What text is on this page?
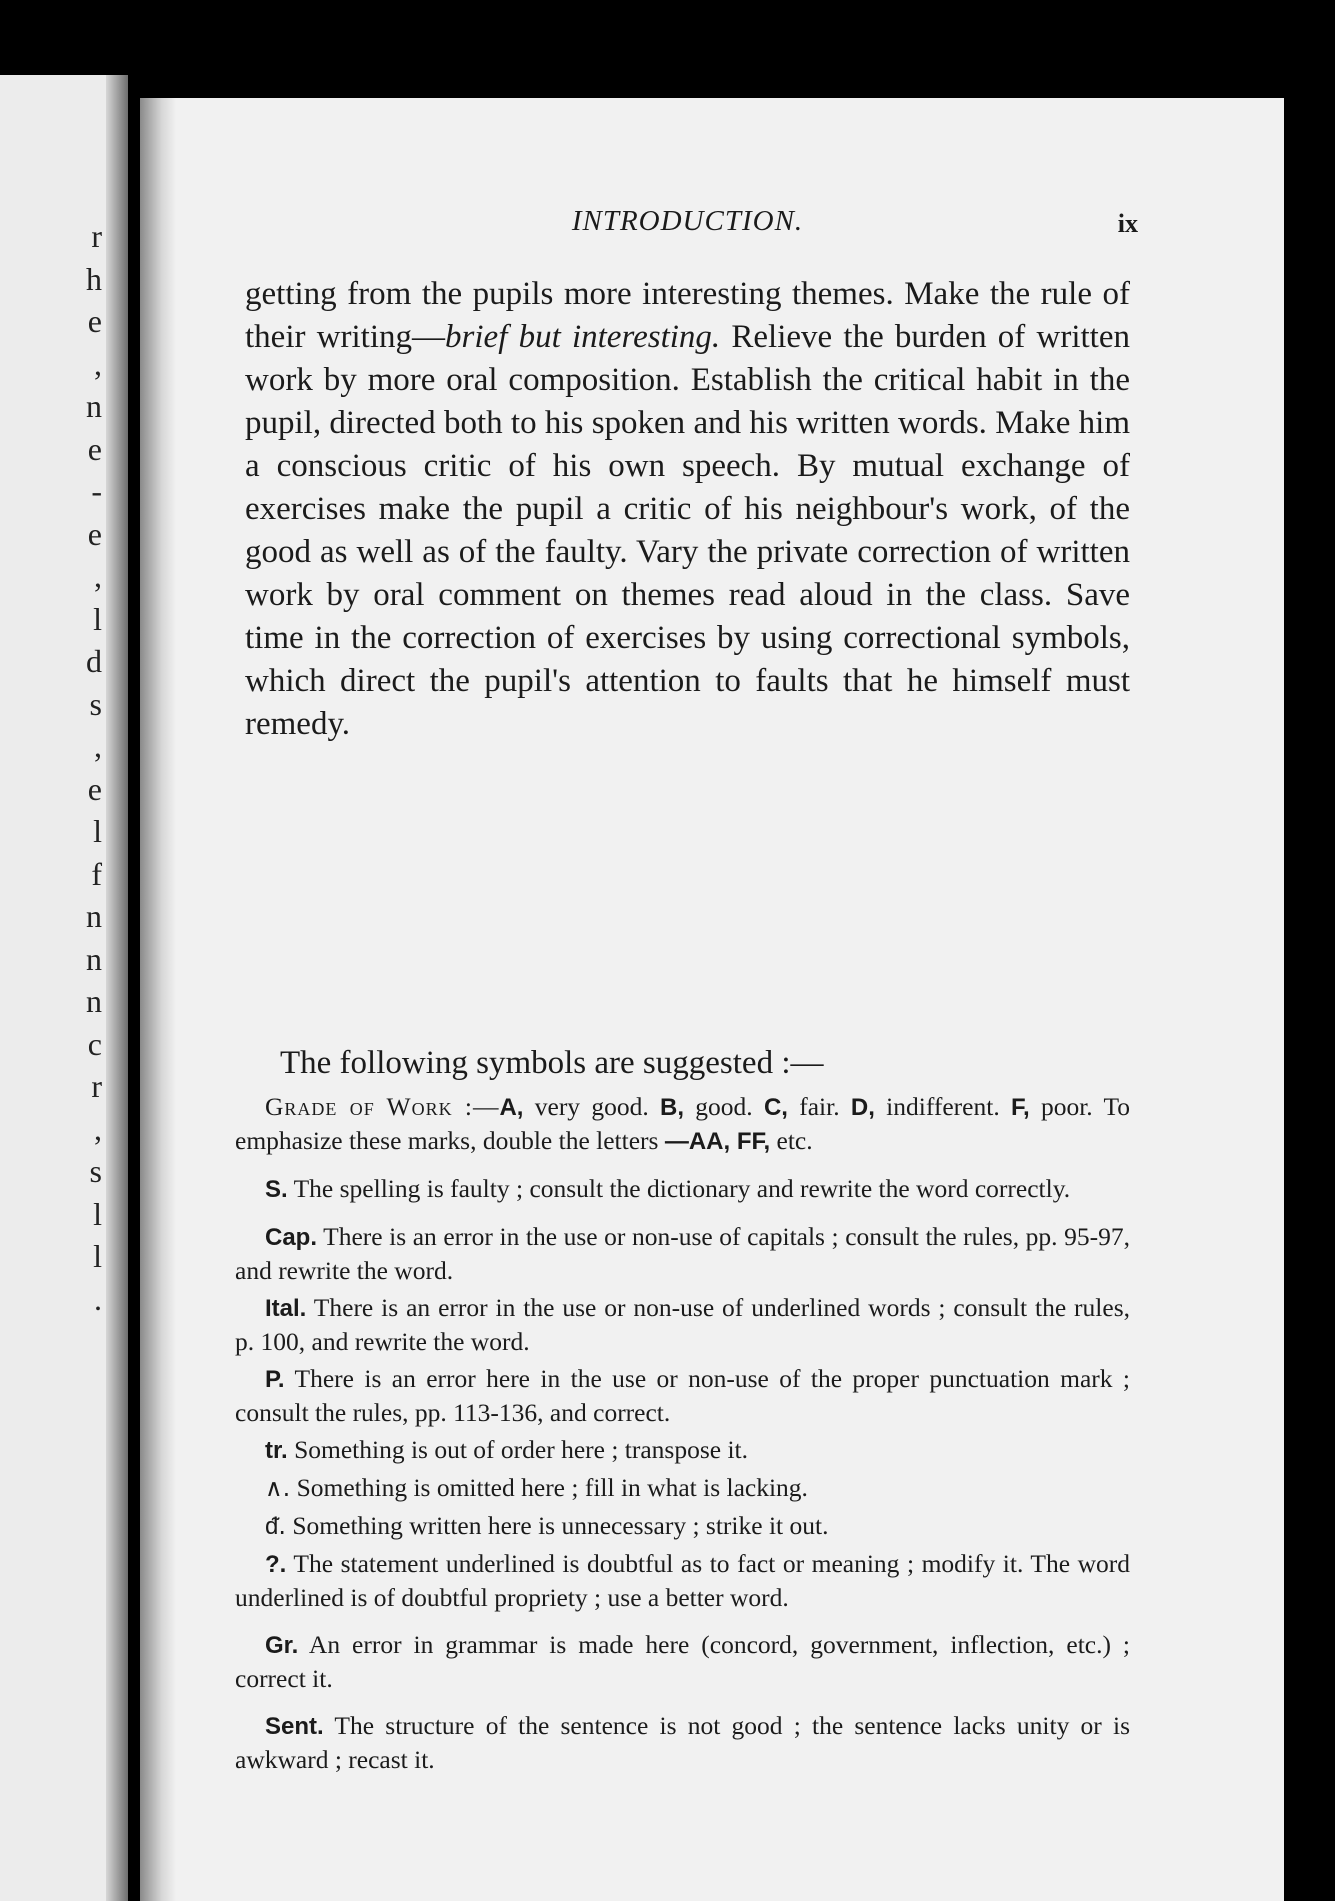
r
h
e
,
n
e
-
e
,
l
d
s
,
e
l
f
n
n
n
c
r
,
s
l
l
.
INTRODUCTION.	ix
getting from the pupils more interesting themes. Make the rule of their writing—brief but interesting. Relieve the burden of written work by more oral composition. Establish the critical habit in the pupil, directed both to his spoken and his written words. Make him a conscious critic of his own speech. By mutual exchange of exercises make the pupil a critic of his neighbour's work, of the good as well as of the faulty. Vary the private correction of written work by oral comment on themes read aloud in the class. Save time in the correction of exercises by using correctional symbols, which direct the pupil's attention to faults that he himself must remedy.
The following symbols are suggested :—

Grade of Work :—A, very good. B, good. C, fair. D, indifferent. F, poor. To emphasize these marks, double the letters —AA, FF, etc.

S. The spelling is faulty ; consult the dictionary and rewrite the word correctly.

Cap. There is an error in the use or non-use of capitals ; consult the rules, pp. 95-97, and rewrite the word.

Ital. There is an error in the use or non-use of underlined words ; consult the rules, p. 100, and rewrite the word.

P. There is an error here in the use or non-use of the proper punctuation mark ; consult the rules, pp. 113-136, and correct.

tr. Something is out of order here ; transpose it.

∧. Something is omitted here ; fill in what is lacking.

ᵭ. Something written here is unnecessary ; strike it out.

?. The statement underlined is doubtful as to fact or meaning ; modify it. The word underlined is of doubtful propriety ; use a better word.

Gr. An error in grammar is made here (concord, government, inflection, etc.) ; correct it.

Sent. The structure of the sentence is not good ; the sentence lacks unity or is awkward ; recast it.
